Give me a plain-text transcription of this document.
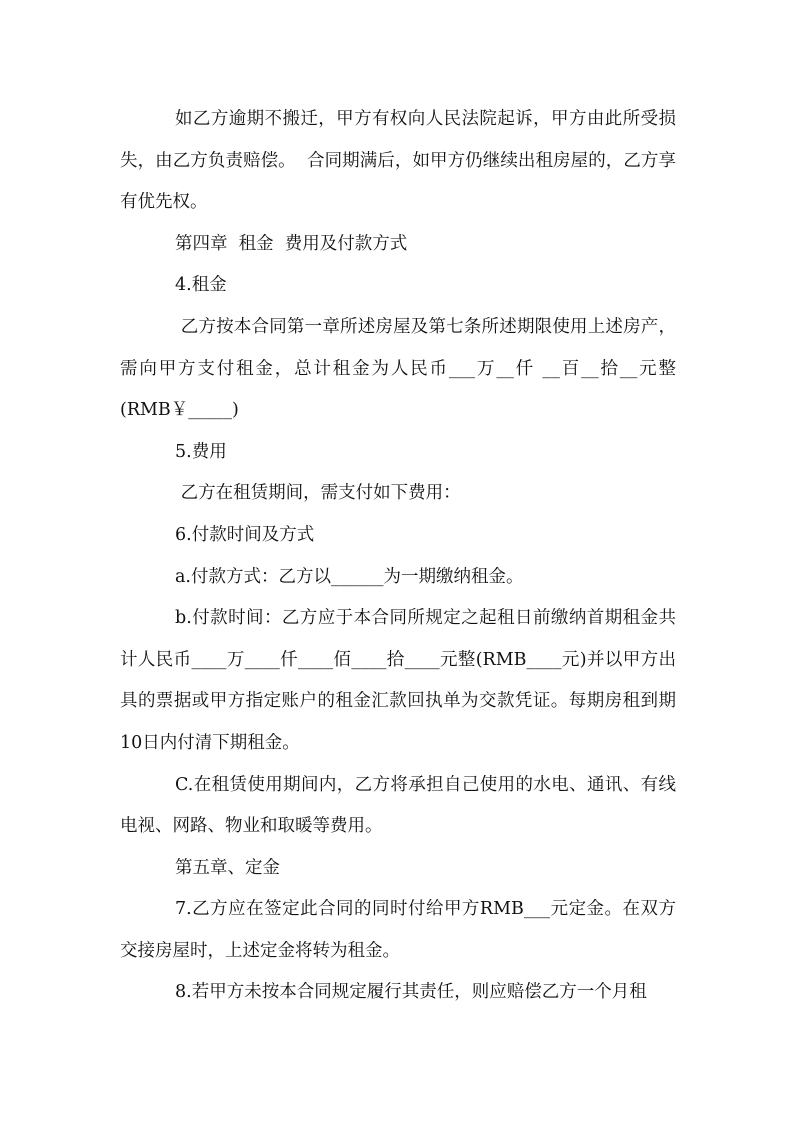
如乙方逾期不搬迁，甲方有权向人民法院起诉，甲方由此所受损失，由乙方负责赔偿。  合同期满后，如甲方仍继续出租房屋的，乙方享有优先权。

第四章  租金  费用及付款方式

4.租金

乙方按本合同第一章所述房屋及第七条所述期限使用上述房产，需向甲方支付租金，总计租金为人民币___万__仟 __百__拾__元整(RMB￥_____)

5.费用

乙方在租赁期间，需支付如下费用：

6.付款时间及方式

a.付款方式：乙方以______为一期缴纳租金。

b.付款时间：乙方应于本合同所规定之起租日前缴纳首期租金共计人民币____万____仟____佰____拾____元整(RMB____元)并以甲方出具的票据或甲方指定账户的租金汇款回执单为交款凭证。每期房租到期10日内付清下期租金。

C.在租赁使用期间内，乙方将承担自己使用的水电、通讯、有线电视、网路、物业和取暖等费用。

第五章、定金

7.乙方应在签定此合同的同时付给甲方RMB___元定金。在双方交接房屋时，上述定金将转为租金。

8.若甲方未按本合同规定履行其责任，则应赔偿乙方一个月租
